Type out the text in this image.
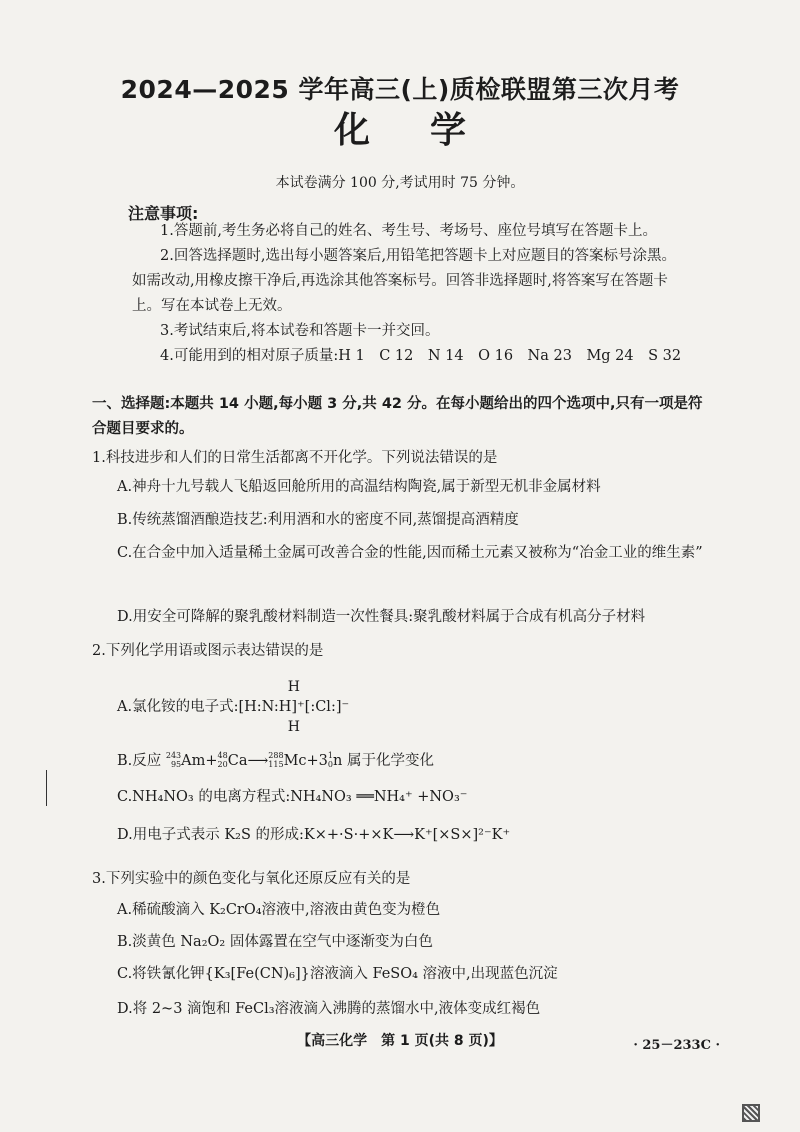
2024—2025 学年高三(上)质检联盟第三次月考
化学
本试卷满分 100 分,考试用时 75 分钟。
注意事项:
1.答题前,考生务必将自己的姓名、考生号、考场号、座位号填写在答题卡上。
2.回答选择题时,选出每小题答案后,用铅笔把答题卡上对应题目的答案标号涂黑。如需改动,用橡皮擦干净后,再选涂其他答案标号。回答非选择题时,将答案写在答题卡上。写在本试卷上无效。
3.考试结束后,将本试卷和答题卡一并交回。
4.可能用到的相对原子质量:H 1　C 12　N 14　O 16　Na 23　Mg 24　S 32
一、选择题:本题共 14 小题,每小题 3 分,共 42 分。在每小题给出的四个选项中,只有一项是符合题目要求的。
1.科技进步和人们的日常生活都离不开化学。下列说法错误的是
A.神舟十九号载人飞船返回舱所用的高温结构陶瓷,属于新型无机非金属材料
B.传统蒸馏酒酿造技艺:利用酒和水的密度不同,蒸馏提高酒精度
C.在合金中加入适量稀土金属可改善合金的性能,因而稀土元素又被称为“冶金工业的维生素”
D.用安全可降解的聚乳酸材料制造一次性餐具:聚乳酸材料属于合成有机高分子材料
2.下列化学用语或图示表达错误的是
A.氯化铵的电子式:
H
[H:N:H]⁺[:Cl:]⁻
H
B.反应 243
95Am+48
20Ca⟶288
115Mc+31
0n 属于化学变化
C.NH₄NO₃ 的电离方程式:NH₄NO₃ ══NH₄⁺ +NO₃⁻
D.用电子式表示 K₂S 的形成:K×+·S·+×K⟶K⁺[×S×]²⁻K⁺
3.下列实验中的颜色变化与氧化还原反应有关的是
A.稀硫酸滴入 K₂CrO₄溶液中,溶液由黄色变为橙色
B.淡黄色 Na₂O₂ 固体露置在空气中逐渐变为白色
C.将铁氰化钾{K₃[Fe(CN)₆]}溶液滴入 FeSO₄ 溶液中,出现蓝色沉淀
D.将 2~3 滴饱和 FeCl₃溶液滴入沸腾的蒸馏水中,液体变成红褐色
【高三化学　第 1 页(共 8 页)】	· 25－233C ·
